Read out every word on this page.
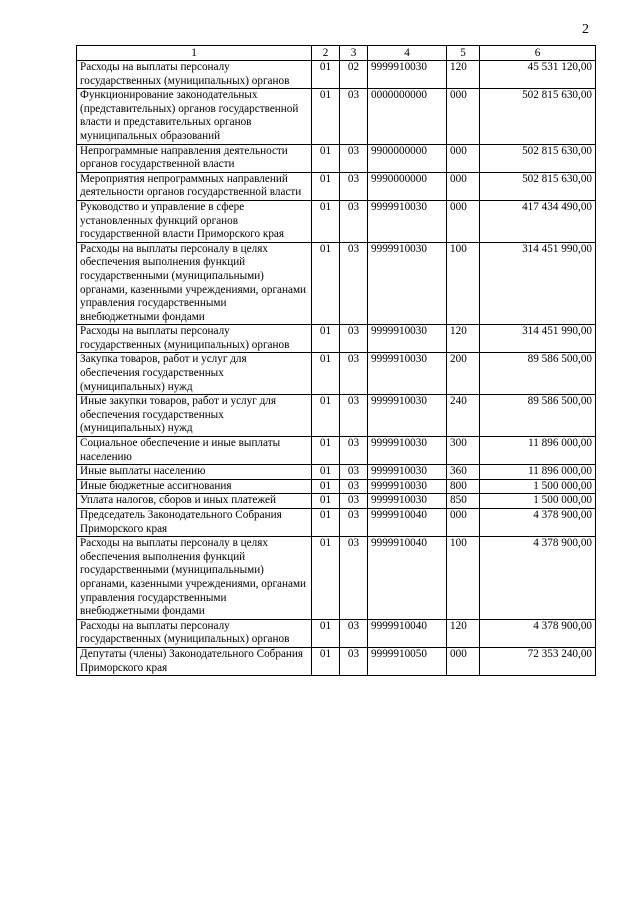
2
1	2	3	4	5	6
Расходы на выплаты персоналу государственных (муниципальных) органов	01	02	9999910030	120	45 531 120,00
Функционирование законодательных (представительных) органов государственной власти и представительных органов муниципальных образований	01	03	0000000000	000	502 815 630,00
Непрограммные направления деятельности органов государственной власти	01	03	9900000000	000	502 815 630,00
Мероприятия непрограммных направлений деятельности органов государственной власти	01	03	9990000000	000	502 815 630,00
Руководство и управление в сфере установленных функций органов государственной власти Приморского края	01	03	9999910030	000	417 434 490,00
Расходы на выплаты персоналу в целях обеспечения выполнения функций государственными (муниципальными) органами, казенными учреждениями, органами управления государственными внебюджетными фондами	01	03	9999910030	100	314 451 990,00
Расходы на выплаты персоналу государственных (муниципальных) органов	01	03	9999910030	120	314 451 990,00
Закупка товаров, работ и услуг для обеспечения государственных (муниципальных) нужд	01	03	9999910030	200	89 586 500,00
Иные закупки товаров, работ и услуг для обеспечения государственных (муниципальных) нужд	01	03	9999910030	240	89 586 500,00
Социальное обеспечение и иные выплаты населению	01	03	9999910030	300	11 896 000,00
Иные выплаты населению	01	03	9999910030	360	11 896 000,00
Иные бюджетные ассигнования	01	03	9999910030	800	1 500 000,00
Уплата налогов, сборов и иных платежей	01	03	9999910030	850	1 500 000,00
Председатель Законодательного Собрания Приморского края	01	03	9999910040	000	4 378 900,00
Расходы на выплаты персоналу в целях обеспечения выполнения функций государственными (муниципальными) органами, казенными учреждениями, органами управления государственными внебюджетными фондами	01	03	9999910040	100	4 378 900,00
Расходы на выплаты персоналу государственных (муниципальных) органов	01	03	9999910040	120	4 378 900,00
Депутаты (члены) Законодательного Собрания Приморского края	01	03	9999910050	000	72 353 240,00
